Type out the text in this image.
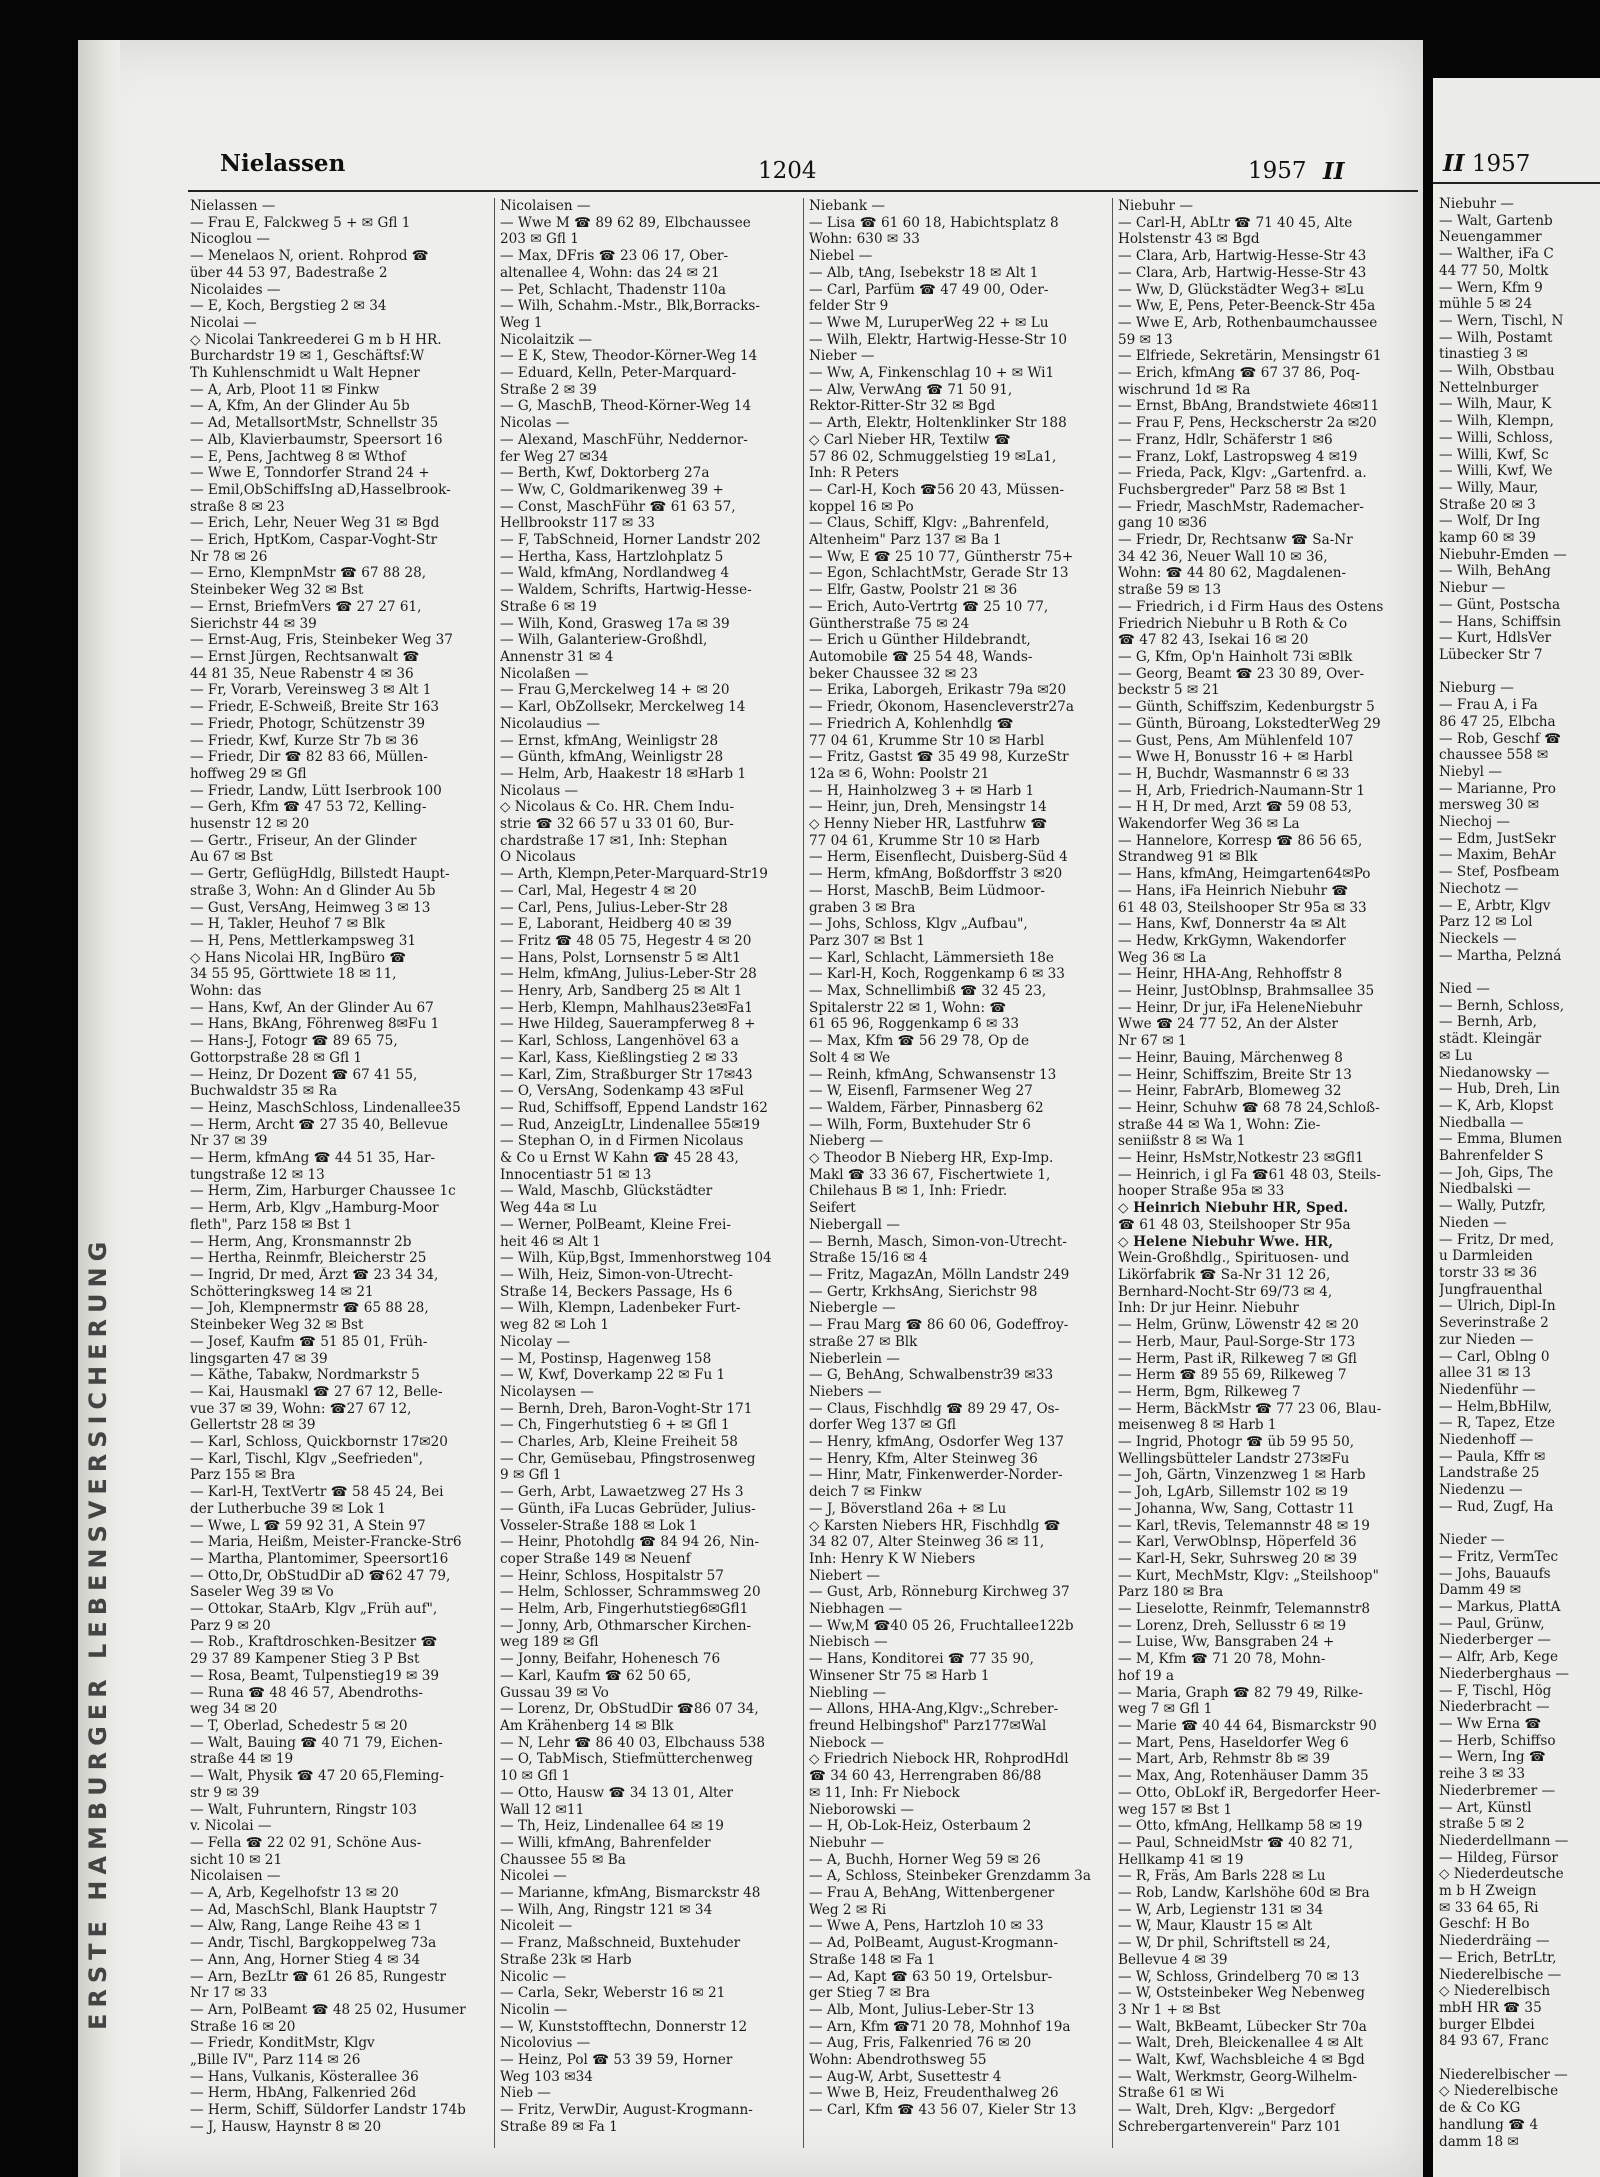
ERSTE HAMBURGER LEBENSVERSICHERUNG
Nielassen	1204	1957 II
Nielassen —
— Frau E, Falckweg 5 + ✉ Gfl 1
Nicoglou —
— Menelaos N, orient. Rohprod ☎
über 44 53 97, Badestraße 2
Nicolaides —
— E, Koch, Bergstieg 2 ✉ 34
Nicolai —
◇ Nicolai Tankreederei G m b H HR.
Burchardstr 19 ✉ 1, Geschäftsf:W
Th Kuhlenschmidt u Walt Hepner
— A, Arb, Ploot 11 ✉ Finkw
— A, Kfm, An der Glinder Au 5b
— Ad, MetallsortMstr, Schnellstr 35
— Alb, Klavierbaumstr, Speersort 16
— E, Pens, Jachtweg 8 ✉ Wthof
— Wwe E, Tonndorfer Strand 24 +
— Emil,ObSchiffsIng aD,Hasselbrook-
straße 8 ✉ 23
— Erich, Lehr, Neuer Weg 31 ✉ Bgd
— Erich, HptKom, Caspar-Voght-Str
Nr 78 ✉ 26
— Erno, KlempnMstr ☎ 67 88 28,
Steinbeker Weg 32 ✉ Bst
— Ernst, BriefmVers ☎ 27 27 61,
Sierichstr 44 ✉ 39
— Ernst-Aug, Fris, Steinbeker Weg 37
— Ernst Jürgen, Rechtsanwalt ☎
44 81 35, Neue Rabenstr 4 ✉ 36
— Fr, Vorarb, Vereinsweg 3 ✉ Alt 1
— Friedr, E-Schweiß, Breite Str 163
— Friedr, Photogr, Schützenstr 39
— Friedr, Kwf, Kurze Str 7b ✉ 36
— Friedr, Dir ☎ 82 83 66, Müllen-
hoffweg 29 ✉ Gfl
— Friedr, Landw, Lütt Iserbrook 100
— Gerh, Kfm ☎ 47 53 72, Kelling-
husenstr 12 ✉ 20
— Gertr., Friseur, An der Glinder
Au 67 ✉ Bst
— Gertr, GeflügHdlg, Billstedt Haupt-
straße 3, Wohn: An d Glinder Au 5b
— Gust, VersAng, Heimweg 3 ✉ 13
— H, Takler, Heuhof 7 ✉ Blk
— H, Pens, Mettlerkampsweg 31
◇ Hans Nicolai HR, IngBüro ☎
34 55 95, Görttwiete 18 ✉ 11,
Wohn: das
— Hans, Kwf, An der Glinder Au 67
— Hans, BkAng, Föhrenweg 8✉Fu 1
— Hans-J, Fotogr ☎ 89 65 75,
Gottorpstraße 28 ✉ Gfl 1
— Heinz, Dr Dozent ☎ 67 41 55,
Buchwaldstr 35 ✉ Ra
— Heinz, MaschSchloss, Lindenallee35
— Herm, Archt ☎ 27 35 40, Bellevue
Nr 37 ✉ 39
— Herm, kfmAng ☎ 44 51 35, Har-
tungstraße 12 ✉ 13
— Herm, Zim, Harburger Chaussee 1c
— Herm, Arb, Klgv „Hamburg-Moor
fleth", Parz 158 ✉ Bst 1
— Herm, Ang, Kronsmannstr 2b
— Hertha, Reinmfr, Bleicherstr 25
— Ingrid, Dr med, Ärzt ☎ 23 34 34,
Schötteringksweg 14 ✉ 21
— Joh, Klempnermstr ☎ 65 88 28,
Steinbeker Weg 32 ✉ Bst
— Josef, Kaufm ☎ 51 85 01, Früh-
lingsgarten 47 ✉ 39
— Käthe, Tabakw, Nordmarkstr 5
— Kai, Hausmakl ☎ 27 67 12, Belle-
vue 37 ✉ 39, Wohn: ☎27 67 12,
Gellertstr 28 ✉ 39
— Karl, Schloss, Quickbornstr 17✉20
— Karl, Tischl, Klgv „Seefrieden",
Parz 155 ✉ Bra
— Karl-H, TextVertr ☎ 58 45 24, Bei
der Lutherbuche 39 ✉ Lok 1
— Wwe, L ☎ 59 92 31, A Stein 97
— Maria, Heißm, Meister-Francke-Str6
— Martha, Plantomimer, Speersort16
— Otto,Dr, ObStudDir aD ☎62 47 79,
Saseler Weg 39 ✉ Vo
— Ottokar, StaArb, Klgv „Früh auf",
Parz 9 ✉ 20
— Rob., Kraftdroschken-Besitzer ☎
29 37 89 Kampener Stieg 3 P Bst
— Rosa, Beamt, Tulpenstieg19 ✉ 39
— Runa ☎ 48 46 57, Abendroths-
weg 34 ✉ 20
— T, Oberlad, Schedestr 5 ✉ 20
— Walt, Bauing ☎ 40 71 79, Eichen-
straße 44 ✉ 19
— Walt, Physik ☎ 47 20 65,Fleming-
str 9 ✉ 39
— Walt, Fuhruntern, Ringstr 103
v. Nicolai —
— Fella ☎ 22 02 91, Schöne Aus-
sicht 10 ✉ 21
Nicolaisen —
— A, Arb, Kegelhofstr 13 ✉ 20
— Ad, MaschSchl, Blank Hauptstr 7
— Alw, Rang, Lange Reihe 43 ✉ 1
— Andr, Tischl, Bargkoppelweg 73a
— Ann, Ang, Horner Stieg 4 ✉ 34
— Arn, BezLtr ☎ 61 26 85, Rungestr
Nr 17 ✉ 33
— Arn, PolBeamt ☎ 48 25 02, Husumer
Straße 16 ✉ 20
— Friedr, KonditMstr, Klgv
„Bille IV", Parz 114 ✉ 26
— Hans, Vulkanis, Kösterallee 36
— Herm, HbAng, Falkenried 26d
— Herm, Schiff, Süldorfer Landstr 174b
— J, Hausw, Haynstr 8 ✉ 20
Nicolaisen —
— Wwe M ☎ 89 62 89, Elbchaussee
203 ✉ Gfl 1
— Max, DFris ☎ 23 06 17, Ober-
altenallee 4, Wohn: das 24 ✉ 21
— Pet, Schlacht, Thadenstr 110a
— Wilh, Schahm.-Mstr., Blk,Borracks-
Weg 1
Nicolaitzik —
— E K, Stew, Theodor-Körner-Weg 14
— Eduard, Kelln, Peter-Marquard-
Straße 2 ✉ 39
— G, MaschB, Theod-Körner-Weg 14
Nicolas —
— Alexand, MaschFühr, Neddernor-
fer Weg 27 ✉34
— Berth, Kwf, Doktorberg 27a
— Ww, C, Goldmarikenweg 39 +
— Const, MaschFühr ☎ 61 63 57,
Hellbrookstr 117 ✉ 33
— F, TabSchneid, Horner Landstr 202
— Hertha, Kass, Hartzlohplatz 5
— Wald, kfmAng, Nordlandweg 4
— Waldem, Schrifts, Hartwig-Hesse-
Straße 6 ✉ 19
— Wilh, Kond, Grasweg 17a ✉ 39
— Wilh, Galanteriew-Großhdl,
Annenstr 31 ✉ 4
Nicolaßen —
— Frau G,Merckelweg 14 + ✉ 20
— Karl, ObZollsekr, Merckelweg 14
Nicolaudius —
— Ernst, kfmAng, Weinligstr 28
— Günth, kfmAng, Weinligstr 28
— Helm, Arb, Haakestr 18 ✉Harb 1
Nicolaus —
◇ Nicolaus & Co. HR. Chem Indu-
strie ☎ 32 66 57 u 33 01 60, Bur-
chardstraße 17 ✉1, Inh: Stephan
O Nicolaus
— Arth, Klempn,Peter-Marquard-Str19
— Carl, Mal, Hegestr 4 ✉ 20
— Carl, Pens, Julius-Leber-Str 28
— E, Laborant, Heidberg 40 ✉ 39
— Fritz ☎ 48 05 75, Hegestr 4 ✉ 20
— Hans, Polst, Lornsenstr 5 ✉ Alt1
— Helm, kfmAng, Julius-Leber-Str 28
— Henry, Arb, Sandberg 25 ✉ Alt 1
— Herb, Klempn, Mahlhaus23e✉Fa1
— Hwe Hildeg, Sauerampferweg 8 +
— Karl, Schloss, Langenhövel 63 a
— Karl, Kass, Kießlingstieg 2 ✉ 33
— Karl, Zim, Straßburger Str 17✉43
— O, VersAng, Sodenkamp 43 ✉Ful
— Rud, Schiffsoff, Eppend Landstr 162
— Rud, AnzeigLtr, Lindenallee 55✉19
— Stephan O, in d Firmen Nicolaus
& Co u Ernst W Kahn ☎ 45 28 43,
Innocentiastr 51 ✉ 13
— Wald, Maschb, Glückstädter
Weg 44a ✉ Lu
— Werner, PolBeamt, Kleine Frei-
heit 46 ✉ Alt 1
— Wilh, Küp,Bgst, Immenhorstweg 104
— Wilh, Heiz, Simon-von-Utrecht-
Straße 14, Beckers Passage, Hs 6
— Wilh, Klempn, Ladenbeker Furt-
weg 82 ✉ Loh 1
Nicolay —
— M, Postinsp, Hagenweg 158
— W, Kwf, Doverkamp 22 ✉ Fu 1
Nicolaysen —
— Bernh, Dreh, Baron-Voght-Str 171
— Ch, Fingerhutstieg 6 + ✉ Gfl 1
— Charles, Arb, Kleine Freiheit 58
— Chr, Gemüsebau, Pfingstrosenweg
9 ✉ Gfl 1
— Gerh, Arbt, Lawaetzweg 27 Hs 3
— Günth, iFa Lucas Gebrüder, Julius-
Vosseler-Straße 188 ✉ Lok 1
— Heinr, Photohdlg ☎ 84 94 26, Nin-
coper Straße 149 ✉ Neuenf
— Heinr, Schloss, Hospitalstr 57
— Helm, Schlosser, Schrammsweg 20
— Helm, Arb, Fingerhutstieg6✉Gfl1
— Jonny, Arb, Othmarscher Kirchen-
weg 189 ✉ Gfl
— Jonny, Beifahr, Hohenesch 76
— Karl, Kaufm ☎ 62 50 65,
Gussau 39 ✉ Vo
— Lorenz, Dr, ObStudDir ☎86 07 34,
Am Krähenberg 14 ✉ Blk
— N, Lehr ☎ 86 40 03, Elbchauss 538
— O, TabMisch, Stiefmütterchenweg
10 ✉ Gfl 1
— Otto, Hausw ☎ 34 13 01, Alter
Wall 12 ✉11
— Th, Heiz, Lindenallee 64 ✉ 19
— Willi, kfmAng, Bahrenfelder
Chaussee 55 ✉ Ba
Nicolei —
— Marianne, kfmAng, Bismarckstr 48
— Wilh, Ang, Ringstr 121 ✉ 34
Nicoleit —
— Franz, Maßschneid, Buxtehuder
Straße 23k ✉ Harb
Nicolic —
— Carla, Sekr, Weberstr 16 ✉ 21
Nicolin —
— W, Kunststofftechn, Donnerstr 12
Nicolovius —
— Heinz, Pol ☎ 53 39 59, Horner
Weg 103 ✉34
Nieb —
— Fritz, VerwDir, August-Krogmann-
Straße 89 ✉ Fa 1
Niebank —
— Lisa ☎ 61 60 18, Habichtsplatz 8
Wohn: 630 ✉ 33
Niebel —
— Alb, tAng, Isebekstr 18 ✉ Alt 1
— Carl, Parfüm ☎ 47 49 00, Oder-
felder Str 9
— Wwe M, LuruperWeg 22 + ✉ Lu
— Wilh, Elektr, Hartwig-Hesse-Str 10
Nieber —
— Ww, A, Finkenschlag 10 + ✉ Wi1
— Alw, VerwAng ☎ 71 50 91,
Rektor-Ritter-Str 32 ✉ Bgd
— Arth, Elektr, Holtenklinker Str 188
◇ Carl Nieber HR, Textilw ☎
57 86 02, Schmuggelstieg 19 ✉La1,
Inh: R Peters
— Carl-H, Koch ☎56 20 43, Müssen-
koppel 16 ✉ Po
— Claus, Schiff, Klgv: „Bahrenfeld,
Altenheim" Parz 137 ✉ Ba 1
— Ww, E ☎ 25 10 77, Güntherstr 75+
— Egon, SchlachtMstr, Gerade Str 13
— Elfr, Gastw, Poolstr 21 ✉ 36
— Erich, Auto-Vertrtg ☎ 25 10 77,
Güntherstraße 75 ✉ 24
— Erich u Günther Hildebrandt,
Automobile ☎ 25 54 48, Wands-
beker Chaussee 32 ✉ 23
— Erika, Laborgeh, Erikastr 79a ✉20
— Friedr, Ökonom, Hasencleverstr27a
— Friedrich A, Kohlenhdlg ☎
77 04 61, Krumme Str 10 ✉ Harbl
— Fritz, Gastst ☎ 35 49 98, KurzeStr
12a ✉ 6, Wohn: Poolstr 21
— H, Hainholzweg 3 + ✉ Harb 1
— Heinr, jun, Dreh, Mensingstr 14
◇ Henny Nieber HR, Lastfuhrw ☎
77 04 61, Krumme Str 10 ✉ Harb
— Herm, Eisenflecht, Duisberg-Süd 4
— Herm, kfmAng, Boßdorffstr 3 ✉20
— Horst, MaschB, Beim Lüdmoor-
graben 3 ✉ Bra
— Johs, Schloss, Klgv „Aufbau",
Parz 307 ✉ Bst 1
— Karl, Schlacht, Lämmersieth 18e
— Karl-H, Koch, Roggenkamp 6 ✉ 33
— Max, Schnellimbiß ☎ 32 45 23,
Spitalerstr 22 ✉ 1, Wohn: ☎
61 65 96, Roggenkamp 6 ✉ 33
— Max, Kfm ☎ 56 29 78, Op de
Solt 4 ✉ We
— Reinh, kfmAng, Schwansenstr 13
— W, Eisenfl, Farmsener Weg 27
— Waldem, Färber, Pinnasberg 62
— Wilh, Form, Buxtehuder Str 6
Nieberg —
◇ Theodor B Nieberg HR, Exp-Imp.
Makl ☎ 33 36 67, Fischertwiete 1,
Chilehaus B ✉ 1, Inh: Friedr.
Seifert
Niebergall —
— Bernh, Masch, Simon-von-Utrecht-
Straße 15/16 ✉ 4
— Fritz, MagazAn, Mölln Landstr 249
— Gertr, KrkhsAng, Sierichstr 98
Niebergle —
— Frau Marg ☎ 86 60 06, Godeffroy-
straße 27 ✉ Blk
Nieberlein —
— G, BehAng, Schwalbenstr39 ✉33
Niebers —
— Claus, Fischhdlg ☎ 89 29 47, Os-
dorfer Weg 137 ✉ Gfl
— Henry, kfmAng, Osdorfer Weg 137
— Henry, Kfm, Alter Steinweg 36
— Hinr, Matr, Finkenwerder-Norder-
deich 7 ✉ Finkw
— J, Böverstland 26a + ✉ Lu
◇ Karsten Niebers HR, Fischhdlg ☎
34 82 07, Alter Steinweg 36 ✉ 11,
Inh: Henry K W Niebers
Niebert —
— Gust, Arb, Rönneburg Kirchweg 37
Niebhagen —
— Ww,M ☎40 05 26, Fruchtallee122b
Niebisch —
— Hans, Konditorei ☎ 77 35 90,
Winsener Str 75 ✉ Harb 1
Niebling —
— Allons, HHA-Ang,Klgv:„Schreber-
freund Helbingshof" Parz177✉Wal
Niebock —
◇ Friedrich Niebock HR, RohprodHdl
☎ 34 60 43, Herrengraben 86/88
✉ 11, Inh: Fr Niebock
Nieborowski —
— H, Ob-Lok-Heiz, Osterbaum 2
Niebuhr —
— A, Buchh, Horner Weg 59 ✉ 26
— A, Schloss, Steinbeker Grenzdamm 3a
— Frau A, BehAng, Wittenbergener
Weg 2 ✉ Ri
— Wwe A, Pens, Hartzloh 10 ✉ 33
— Ad, PolBeamt, August-Krogmann-
Straße 148 ✉ Fa 1
— Ad, Kapt ☎ 63 50 19, Ortelsbur-
ger Stieg 7 ✉ Bra
— Alb, Mont, Julius-Leber-Str 13
— Arn, Kfm ☎71 20 78, Mohnhof 19a
— Aug, Fris, Falkenried 76 ✉ 20
Wohn: Abendrothsweg 55
— Aug-W, Arbt, Susettestr 4
— Wwe B, Heiz, Freudenthalweg 26
— Carl, Kfm ☎ 43 56 07, Kieler Str 13
Niebuhr —
— Carl-H, AbLtr ☎ 71 40 45, Alte
Holstenstr 43 ✉ Bgd
— Clara, Arb, Hartwig-Hesse-Str 43
— Clara, Arb, Hartwig-Hesse-Str 43
— Ww, D, Glückstädter Weg3+ ✉Lu
— Ww, E, Pens, Peter-Beenck-Str 45a
— Wwe E, Arb, Rothenbaumchaussee
59 ✉ 13
— Elfriede, Sekretärin, Mensingstr 61
— Erich, kfmAng ☎ 67 37 86, Poq-
wischrund 1d ✉ Ra
— Ernst, BbAng, Brandstwiete 46✉11
— Frau F, Pens, Heckscherstr 2a ✉20
— Franz, Hdlr, Schäferstr 1 ✉6
— Franz, Lokf, Lastropsweg 4 ✉19
— Frieda, Pack, Klgv: „Gartenfrd. a.
Fuchsbergreder" Parz 58 ✉ Bst 1
— Friedr, MaschMstr, Rademacher-
gang 10 ✉36
— Friedr, Dr, Rechtsanw ☎ Sa-Nr
34 42 36, Neuer Wall 10 ✉ 36,
Wohn: ☎ 44 80 62, Magdalenen-
straße 59 ✉ 13
— Friedrich, i d Firm Haus des Ostens
Friedrich Niebuhr u B Roth & Co
☎ 47 82 43, Isekai 16 ✉ 20
— G, Kfm, Op'n Hainholt 73i ✉Blk
— Georg, Beamt ☎ 23 30 89, Over-
beckstr 5 ✉ 21
— Günth, Schiffszim, Kedenburgstr 5
— Günth, Büroang, LokstedterWeg 29
— Gust, Pens, Am Mühlenfeld 107
— Wwe H, Bonusstr 16 + ✉ Harbl
— H, Buchdr, Wasmannstr 6 ✉ 33
— H, Arb, Friedrich-Naumann-Str 1
— H H, Dr med, Arzt ☎ 59 08 53,
Wakendorfer Weg 36 ✉ La
— Hannelore, Korresp ☎ 86 56 65,
Strandweg 91 ✉ Blk
— Hans, kfmAng, Heimgarten64✉Po
— Hans, iFa Heinrich Niebuhr ☎
61 48 03, Steilshooper Str 95a ✉ 33
— Hans, Kwf, Donnerstr 4a ✉ Alt
— Hedw, KrkGymn, Wakendorfer
Weg 36 ✉ La
— Heinr, HHA-Ang, Rehhoffstr 8
— Heinr, JustOblnsp, Brahmsallee 35
— Heinr, Dr jur, iFa HeleneNiebuhr
Wwe ☎ 24 77 52, An der Alster
Nr 67 ✉ 1
— Heinr, Bauing, Märchenweg 8
— Heinr, Schiffszim, Breite Str 13
— Heinr, FabrArb, Blomeweg 32
— Heinr, Schuhw ☎ 68 78 24,Schloß-
straße 44 ✉ Wa 1, Wohn: Zie-
seniißstr 8 ✉ Wa 1
— Heinr, HsMstr,Notkestr 23 ✉Gfl1
— Heinrich, i gl Fa ☎61 48 03, Steils-
hooper Straße 95a ✉ 33
◇ Heinrich Niebuhr HR, Sped.
☎ 61 48 03, Steilshooper Str 95a
◇ Helene Niebuhr Wwe. HR,
Wein-Großhdlg., Spirituosen- und
Likörfabrik ☎ Sa-Nr 31 12 26,
Bernhard-Nocht-Str 69/73 ✉ 4,
Inh: Dr jur Heinr. Niebuhr
— Helm, Grünw, Löwenstr 42 ✉ 20
— Herb, Maur, Paul-Sorge-Str 173
— Herm, Past iR, Rilkeweg 7 ✉ Gfl
— Herm ☎ 89 55 69, Rilkeweg 7
— Herm, Bgm, Rilkeweg 7
— Herm, BäckMstr ☎ 77 23 06, Blau-
meisenweg 8 ✉ Harb 1
— Ingrid, Photogr ☎ üb 59 95 50,
Wellingsbütteler Landstr 273✉Fu
— Joh, Gärtn, Vinzenzweg 1 ✉ Harb
— Joh, LgArb, Sillemstr 102 ✉ 19
— Johanna, Ww, Sang, Cottastr 11
— Karl, tRevis, Telemannstr 48 ✉ 19
— Karl, VerwOblnsp, Höperfeld 36
— Karl-H, Sekr, Suhrsweg 20 ✉ 39
— Kurt, MechMstr, Klgv: „Steilshoop"
Parz 180 ✉ Bra
— Lieselotte, Reinmfr, Telemannstr8
— Lorenz, Dreh, Sellusstr 6 ✉ 19
— Luise, Ww, Bansgraben 24 +
— M, Kfm ☎ 71 20 78, Mohn-
hof 19 a
— Maria, Graph ☎ 82 79 49, Rilke-
weg 7 ✉ Gfl 1
— Marie ☎ 40 44 64, Bismarckstr 90
— Mart, Pens, Haseldorfer Weg 6
— Mart, Arb, Rehmstr 8b ✉ 39
— Max, Ang, Rotenhäuser Damm 35
— Otto, ObLokf iR, Bergedorfer Heer-
weg 157 ✉ Bst 1
— Otto, kfmAng, Hellkamp 58 ✉ 19
— Paul, SchneidMstr ☎ 40 82 71,
Hellkamp 41 ✉ 19
— R, Fräs, Am Barls 228 ✉ Lu
— Rob, Landw, Karlshöhe 60d ✉ Bra
— W, Arb, Legienstr 131 ✉ 34
— W, Maur, Klaustr 15 ✉ Alt
— W, Dr phil, Schriftstell ✉ 24,
Bellevue 4 ✉ 39
— W, Schloss, Grindelberg 70 ✉ 13
— W, Oststeinbeker Weg Nebenweg
3 Nr 1 + ✉ Bst
— Walt, BkBeamt, Lübecker Str 70a
— Walt, Dreh, Bleickenallee 4 ✉ Alt
— Walt, Kwf, Wachsbleiche 4 ✉ Bgd
— Walt, Werkmstr, Georg-Wilhelm-
Straße 61 ✉ Wi
— Walt, Dreh, Klgv: „Bergedorf
Schrebergartenverein" Parz 101
II 1957
Niebuhr —
— Walt, Gartenb
Neuengammer
— Walther, iFa C
44 77 50, Moltk
— Wern, Kfm 9
mühle 5 ✉ 24
— Wern, Tischl, N
— Wilh, Postamt
tinastieg 3 ✉
— Wilh, Obstbau
Nettelnburger
— Wilh, Maur, K
— Wilh, Klempn,
— Willi, Schloss,
— Willi, Kwf, Sc
— Willi, Kwf, We
— Willy, Maur,
Straße 20 ✉ 3
— Wolf, Dr Ing
kamp 60 ✉ 39
Niebuhr-Emden —
— Wilh, BehAng
Niebur —
— Günt, Postscha
— Hans, Schiffsin
— Kurt, HdlsVer
Lübecker Str 7

Nieburg —
— Frau A, i Fa
86 47 25, Elbcha
— Rob, Geschf ☎
chaussee 558 ✉
Niebyl —
— Marianne, Pro
mersweg 30 ✉
Niechoj —
— Edm, JustSekr
— Maxim, BehAr
— Stef, Posfbeam
Niechotz —
— E, Arbtr, Klgv
Parz 12 ✉ Lol
Nieckels —
— Martha, Pelzná

Nied —
— Bernh, Schloss,
— Bernh, Arb,
städt. Kleingär
✉ Lu
Niedanowsky —
— Hub, Dreh, Lin
— K, Arb, Klopst
Niedballa —
— Emma, Blumen
Bahrenfelder S
— Joh, Gips, The
Niedbalski —
— Wally, Putzfr,
Nieden —
— Fritz, Dr med,
u Darmleiden
torstr 33 ✉ 36
Jungfrauenthal
— Ulrich, Dipl-In
Severinstraße 2
zur Nieden —
— Carl, Oblng 0
allee 31 ✉ 13
Niedenführ —
— Helm,BbHilw,
— R, Tapez, Etze
Niedenhoff —
— Paula, Kffr ✉
Landstraße 25
Niedenzu —
— Rud, Zugf, Ha

Nieder —
— Fritz, VermTec
— Johs, Bauaufs
Damm 49 ✉
— Markus, PlattA
— Paul, Grünw,
Niederberger —
— Alfr, Arb, Kege
Niederberghaus —
— F, Tischl, Hög
Niederbracht —
— Ww Erna ☎
— Herb, Schiffso
— Wern, Ing ☎
reihe 3 ✉ 33
Niederbremer —
— Art, Künstl
straße 5 ✉ 2
Niederdellmann —
— Hildeg, Fürsor
◇ Niederdeutsche
m b H Zweign
✉ 33 64 65, Ri
Geschf: H Bo
Niederdräing —
— Erich, BetrLtr,
Niederelbische —
◇ Niederelbisch
mbH HR ☎ 35
burger Elbdei
84 93 67, Franc

Niederelbischer —
◇ Niederelbische
de & Co KG
handlung ☎ 4
damm 18 ✉
